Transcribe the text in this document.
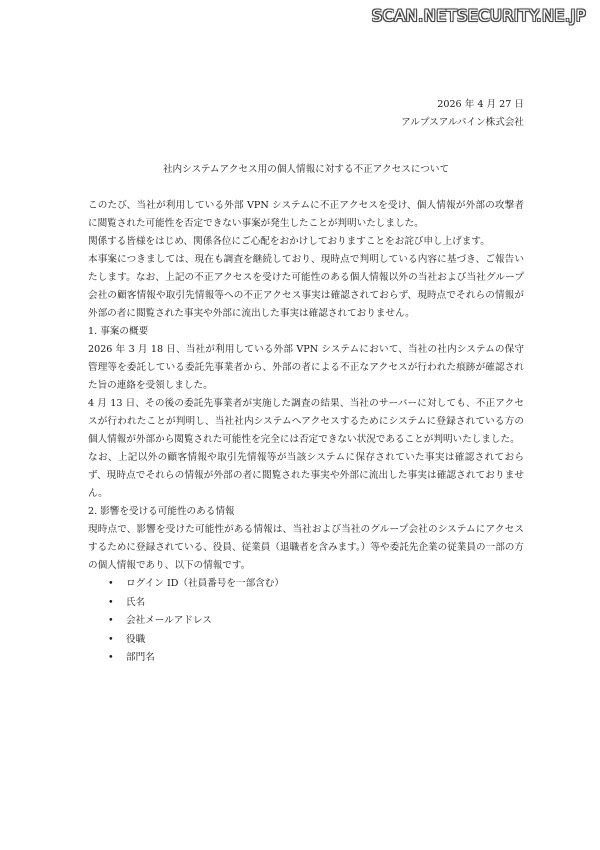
SCAN.NETSECURITY.NE.JP
2026 年 4 月 27 日
アルプスアルパイン株式会社
社内システムアクセス用の個人情報に対する不正アクセスについて

このたび、当社が利用している外部 VPN システムに不正アクセスを受け、個人情報が外部の攻撃者に閲覧された可能性を否定できない事案が発生したことが判明いたしました。

関係する皆様をはじめ、関係各位にご心配をおかけしておりますことをお詫び申し上げます。

本事案につきましては、現在も調査を継続しており、現時点で判明している内容に基づき、ご報告いたします。なお、上記の不正アクセスを受けた可能性のある個人情報以外の当社および当社グループ会社の顧客情報や取引先情報等への不正アクセス事実は確認されておらず、現時点でそれらの情報が外部の者に閲覧された事実や外部に流出した事実は確認されておりません。

1. 事案の概要

2026 年 3 月 18 日、当社が利用している外部 VPN システムにおいて、当社の社内システムの保守管理等を委託している委託先事業者から、外部の者による不正なアクセスが行われた痕跡が確認された旨の連絡を受領しました。

4 月 13 日、その後の委託先事業者が実施した調査の結果、当社のサーバーに対しても、不正アクセスが行われたことが判明し、当社社内システムへアクセスするためにシステムに登録されている方の個人情報が外部から閲覧された可能性を完全には否定できない状況であることが判明いたしました。

なお、上記以外の顧客情報や取引先情報等が当該システムに保存されていた事実は確認されておらず、現時点でそれらの情報が外部の者に閲覧された事実や外部に流出した事実は確認されておりません。

2. 影響を受ける可能性のある情報

現時点で、影響を受けた可能性がある情報は、当社および当社のグループ会社のシステムにアクセスするために登録されている、役員、従業員（退職者を含みます。）等や委託先企業の従業員の一部の方の個人情報であり、以下の情報です。

• ログイン ID（社員番号を一部含む）
• 氏名
• 会社メールアドレス
• 役職
• 部門名
